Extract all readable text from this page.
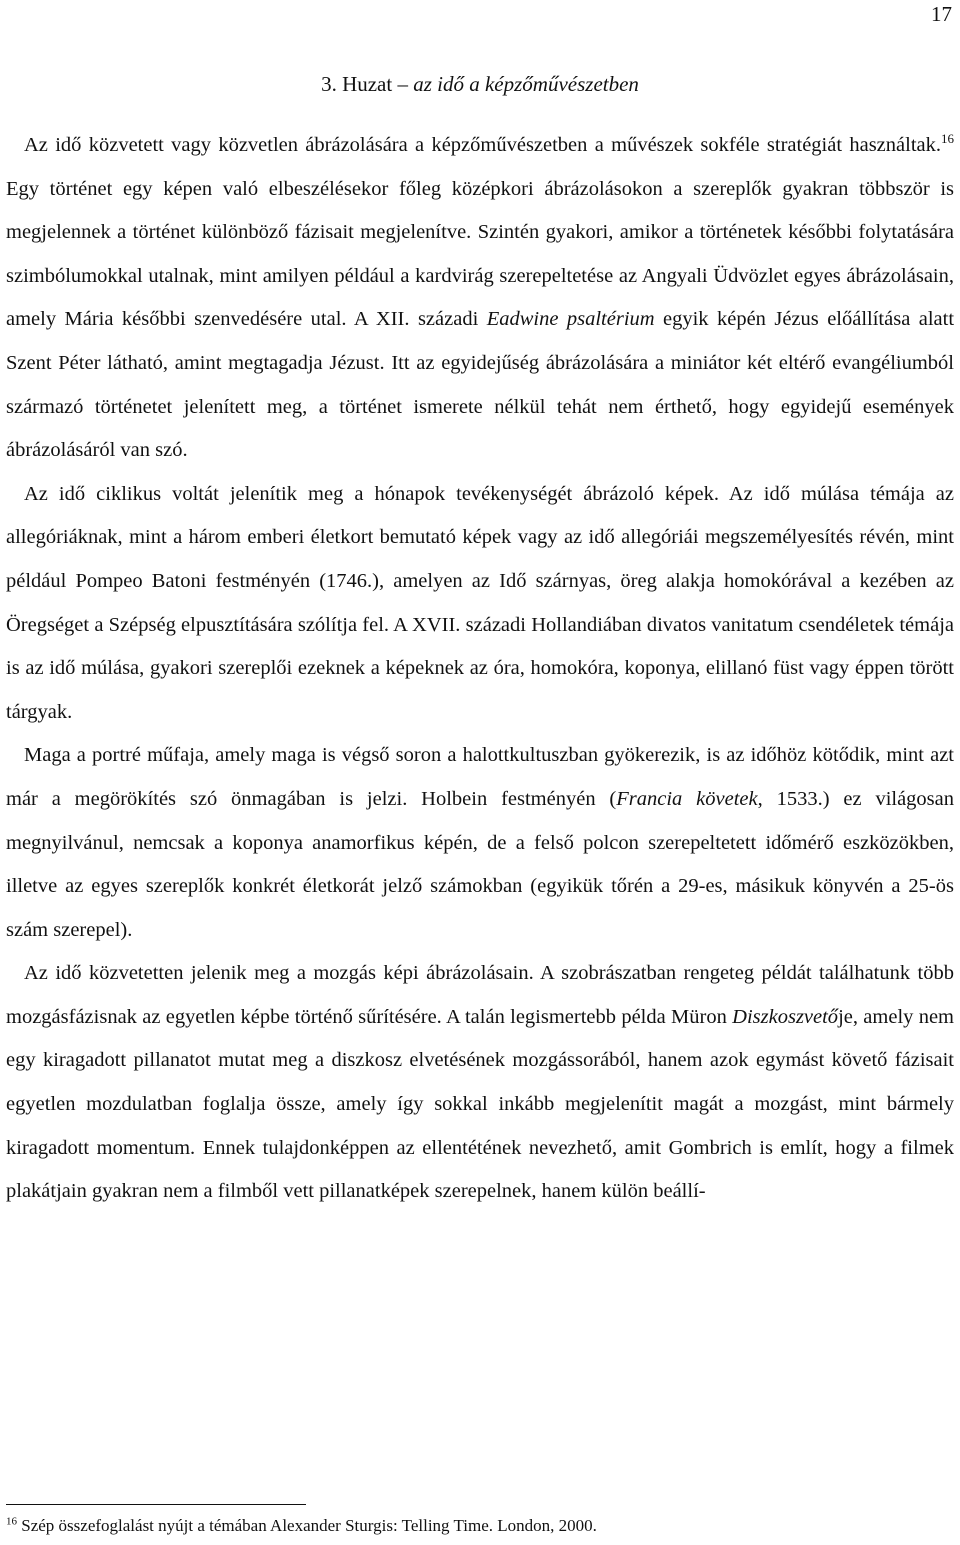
17
3. Huzat – az idő a képzőművészetben

Az idő közvetett vagy közvetlen ábrázolására a képzőművészetben a művészek sokféle stratégiát használtak.$^{16}$ Egy történet egy képen való elbeszélésekor főleg középkori ábrázolásokon a szereplők gyakran többször is megjelennek a történet különböző fázisait megjelenítve. Szintén gyakori, amikor a történetek későbbi folytatására szimbólumokkal utalnak, mint amilyen például a kardvirág szerepeltetése az Angyali Üdvözlet egyes ábrázolásain, amely Mária későbbi szenvedésére utal. A XII. századi Eadwine psaltérium egyik képén Jézus előállítása alatt Szent Péter látható, amint megtagadja Jézust. Itt az egyidejűség ábrázolására a miniátor két eltérő evangéliumból származó történetet jelenített meg, a történet ismerete nélkül tehát nem érthető, hogy egyidejű események ábrázolásáról van szó.

Az idő ciklikus voltát jelenítik meg a hónapok tevékenységét ábrázoló képek. Az idő múlása témája az allegóriáknak, mint a három emberi életkort bemutató képek vagy az idő allegóriái megszemélyesítés révén, mint például Pompeo Batoni festményén (1746.), amelyen az Idő szárnyas, öreg alakja homokórával a kezében az Öregséget a Szépség elpusztítására szólítja fel. A XVII. századi Hollandiában divatos vanitatum csendéletek témája is az idő múlása, gyakori szereplői ezeknek a képeknek az óra, homokóra, koponya, elillanó füst vagy éppen törött tárgyak.

Maga a portré műfaja, amely maga is végső soron a halottkultuszban gyökerezik, is az időhöz kötődik, mint azt már a megörökítés szó önmagában is jelzi. Holbein festményén (Francia követek, 1533.) ez világosan megnyilvánul, nemcsak a koponya anamorfikus képén, de a felső polcon szerepeltetett időmérő eszközökben, illetve az egyes szereplők konkrét életkorát jelző számokban (egyikük tőrén a 29-es, másikuk könyvén a 25-ös szám szerepel).

Az idő közvetetten jelenik meg a mozgás képi ábrázolásain. A szobrászatban rengeteg példát találhatunk több mozgásfázisnak az egyetlen képbe történő sűrítésére. A talán legismertebb példa Müron Diszkoszvetője, amely nem egy kiragadott pillanatot mutat meg a diszkosz elvetésének mozgássorából, hanem azok egymást követő fázisait egyetlen mozdulatban foglalja össze, amely így sokkal inkább megjelenítit magát a mozgást, mint bármely kiragadott momentum. Ennek tulajdonképpen az ellentétének nevezhető, amit Gombrich is említ, hogy a filmek plakátjain gyakran nem a filmből vett pillanatképek szerepelnek, hanem külön beállí-

$^{16}$ Szép összefoglalást nyújt a témában Alexander Sturgis: Telling Time. London, 2000.
